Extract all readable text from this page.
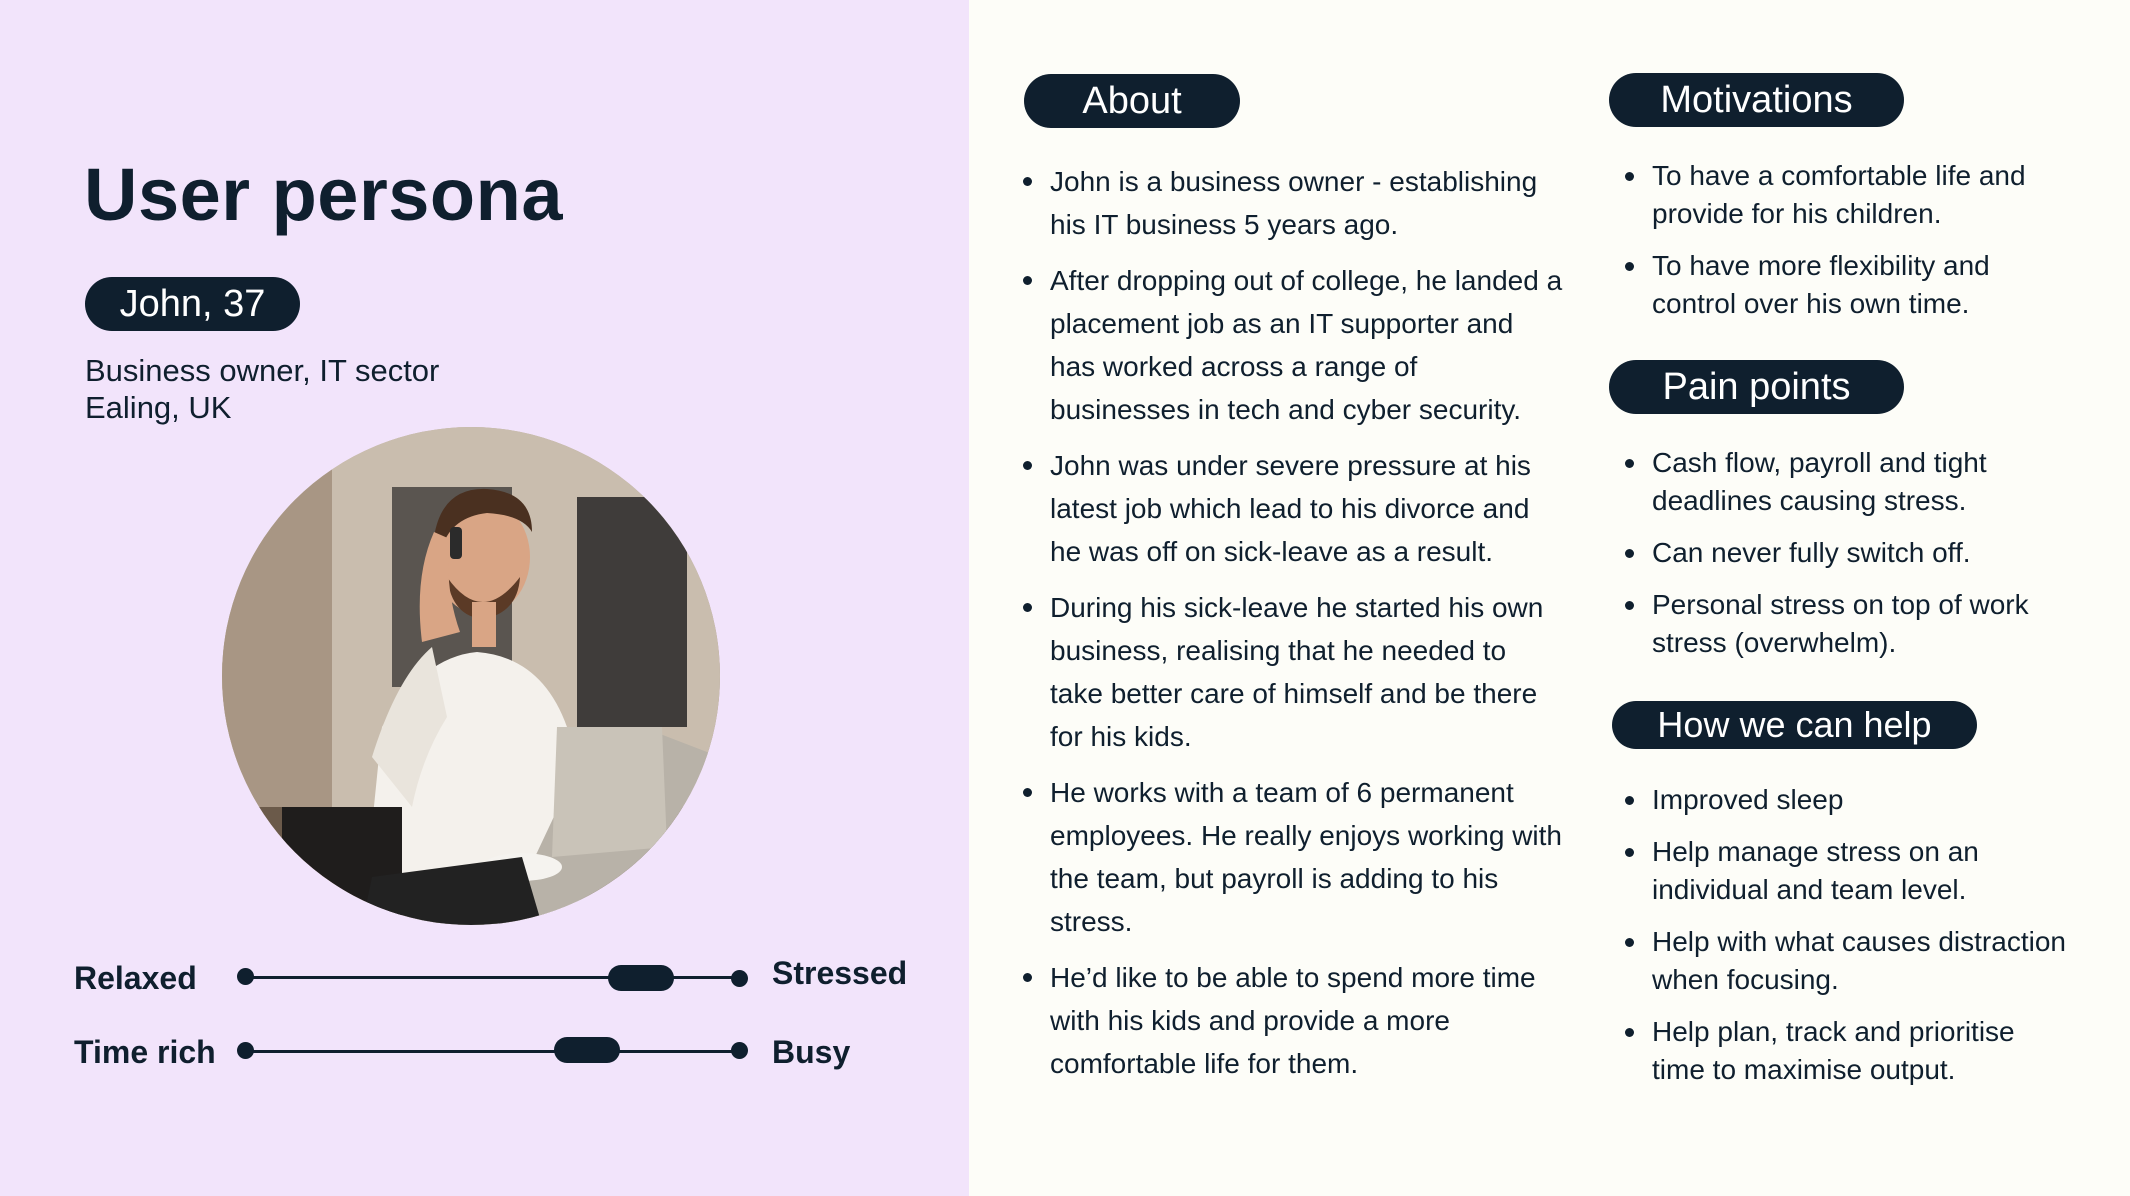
User persona
John, 37
Business owner, IT sector
Ealing, UK
Relaxed	Stressed
Time rich	Busy
About
John is a business owner - establishing his IT business 5 years ago.
After dropping out of college, he landed a placement job as an IT supporter and has worked across a range of businesses in tech and cyber security.
John was under severe pressure at his latest job which lead to his divorce and he was off on sick-leave as a result.
During his sick-leave he started his own business, realising that he needed to take better care of himself and be there for his kids.
He works with a team of 6 permanent employees. He really enjoys working with the team, but payroll is adding to his stress.
He’d like to be able to spend more time with his kids and provide a more comfortable life for them.
Motivations
To have a comfortable life and provide for his children.
To have more flexibility and control over his own time.
Pain points
Cash flow, payroll and tight deadlines causing stress.
Can never fully switch off.
Personal stress on top of work stress (overwhelm).
How we can help
Improved sleep
Help manage stress on an individual and team level.
Help with what causes distraction when focusing.
Help plan, track and prioritise time to maximise output.
